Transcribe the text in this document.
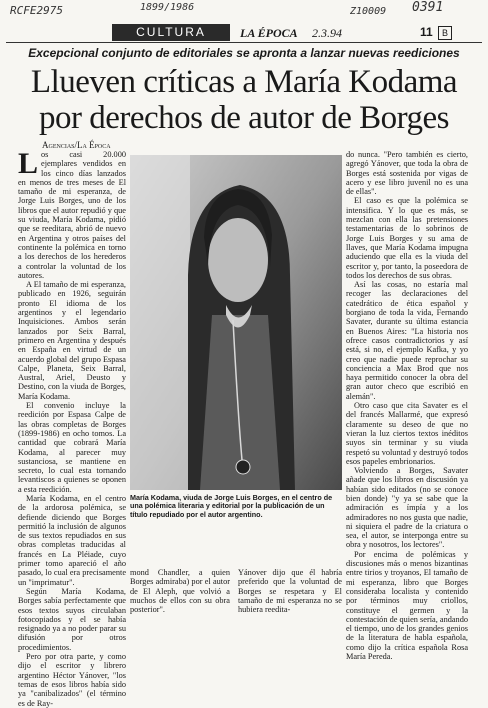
RCFE2975	1899/1986	Z10009 0391
CULTURA	LA ÉPOCA 2.3.94	11	B
Excepcional conjunto de editoriales se apronta a lanzar nuevas reediciones
Llueven críticas a María Kodama
por derechos de autor de Borges
Agencias/La Época

Los casi 20.000 ejemplares vendidos en los cinco días lanzados en menos de tres meses de El tamaño de mi esperanza, de Jorge Luis Borges, uno de los libros que el autor repudió y que su viuda, María Kodama, pidió que se reeditara, abrió de nuevo en Argentina y otros países del continente la polémica en torno a los derechos de los herederos a controlar la voluntad de los autores.

A El tamaño de mi esperanza, publicado en 1926, seguirán pronto El idioma de los argentinos y el legendario Inquisiciones. Ambos serán lanzados por Seix Barral, primero en Argentina y después en España en virtud de un acuerdo global del grupo Espasa Calpe, Planeta, Seix Barral, Austral, Ariel, Deusto y Destino, con la viuda de Borges, María Kodama.

El convenio incluye la reedición por Espasa Calpe de las obras completas de Borges (1899-1986) en ocho tomos. La cantidad que cobrará María Kodama, al parecer muy sustanciosa, se mantiene en secreto, lo cual esta tornando levantiscos a quienes se oponen a esta reedición.

María Kodama, en el centro de la ardorosa polémica, se defiende diciendo que Borges permitió la inclusión de algunos de sus textos repudiados en sus obras completas traducidas al francés en La Pléiade, cuyo primer tomo apareció el año pasado, lo cual era precisamente un "imprimatur".

Según María Kodama, Borges sabía perfectamente que esos textos suyos circulaban fotocopiados y el se había resignado ya a no poder parar su difusión por otros procedimientos.

Pero por otra parte, y como dijo el escritor y librero argentino Héctor Yánover, "los temas de esos libros había sido ya "canibalizados" (el término es de Ray-

María Kodama, viuda de Jorge Luis Borges, en el centro de una polémica literaria y editorial por la publicación de un título repudiado por el autor argentino.
mond Chandler, a quien Borges admiraba) por el autor de El Aleph, que volvió a muchos de ellos con su obra posterior".
Yánover dijo que él habría preferido que la voluntad de Borges se respetara y El tamaño de mi esperanza no se hubiera reedita-

do nunca. "Pero también es cierto, agregó Yánover, que toda la obra de Borges está sostenida por vigas de acero y ese libro juvenil no es una de ellas".

El caso es que la polémica se intensifica. Y lo que es más, se mezclan con ella las pretensiones testamentarias de lo sobrinos de Jorge Luis Borges y su ama de llaves, que María Kodama impugna aduciendo que ella es la viuda del escritor y, por tanto, la poseedora de todos los derechos de sus obras.

Así las cosas, no estaría mal recoger las declaraciones del catedrático de ética español y borgiano de toda la vida, Fernando Savater, durante su última estancia en Buenos Aires: "La historia nos ofrece casos contradictorios y así está, si no, el ejemplo Kafka, y yo creo que nadie puede reprochar su conciencia a Max Brod que nos haya permitido conocer la obra del gran autor checo que escribió en alemán".

Otro caso que cita Savater es el del francés Mallarmé, que expresó claramente su deseo de que no vieran la luz ciertos textos inéditos suyos sin terminar y su viuda respetó su voluntad y destruyó todos esos papeles embrionarios.

Volviendo a Borges, Savater añade que los libros en discusión ya habían sido editados (no se conoce bien donde) "y ya se sabe que la admiración es ímpía y a los admiradores no nos gusta que nadie, ni siquiera el padre de la criatura o sea, el autor, se interponga entre su obra y nosotros, los lectores".

Por encima de polémicas y discusiones más o menos bizantinas entre tirios y troyanos, El tamaño de mi esperanza, libro que Borges consideraba localista y contenido por términos muy criollos, constituye el germen y la contestación de quien sería, andando el tiempo, uno de los grandes genios de la literatura de habla española, como dijo la crítica española Rosa María Pereda.
